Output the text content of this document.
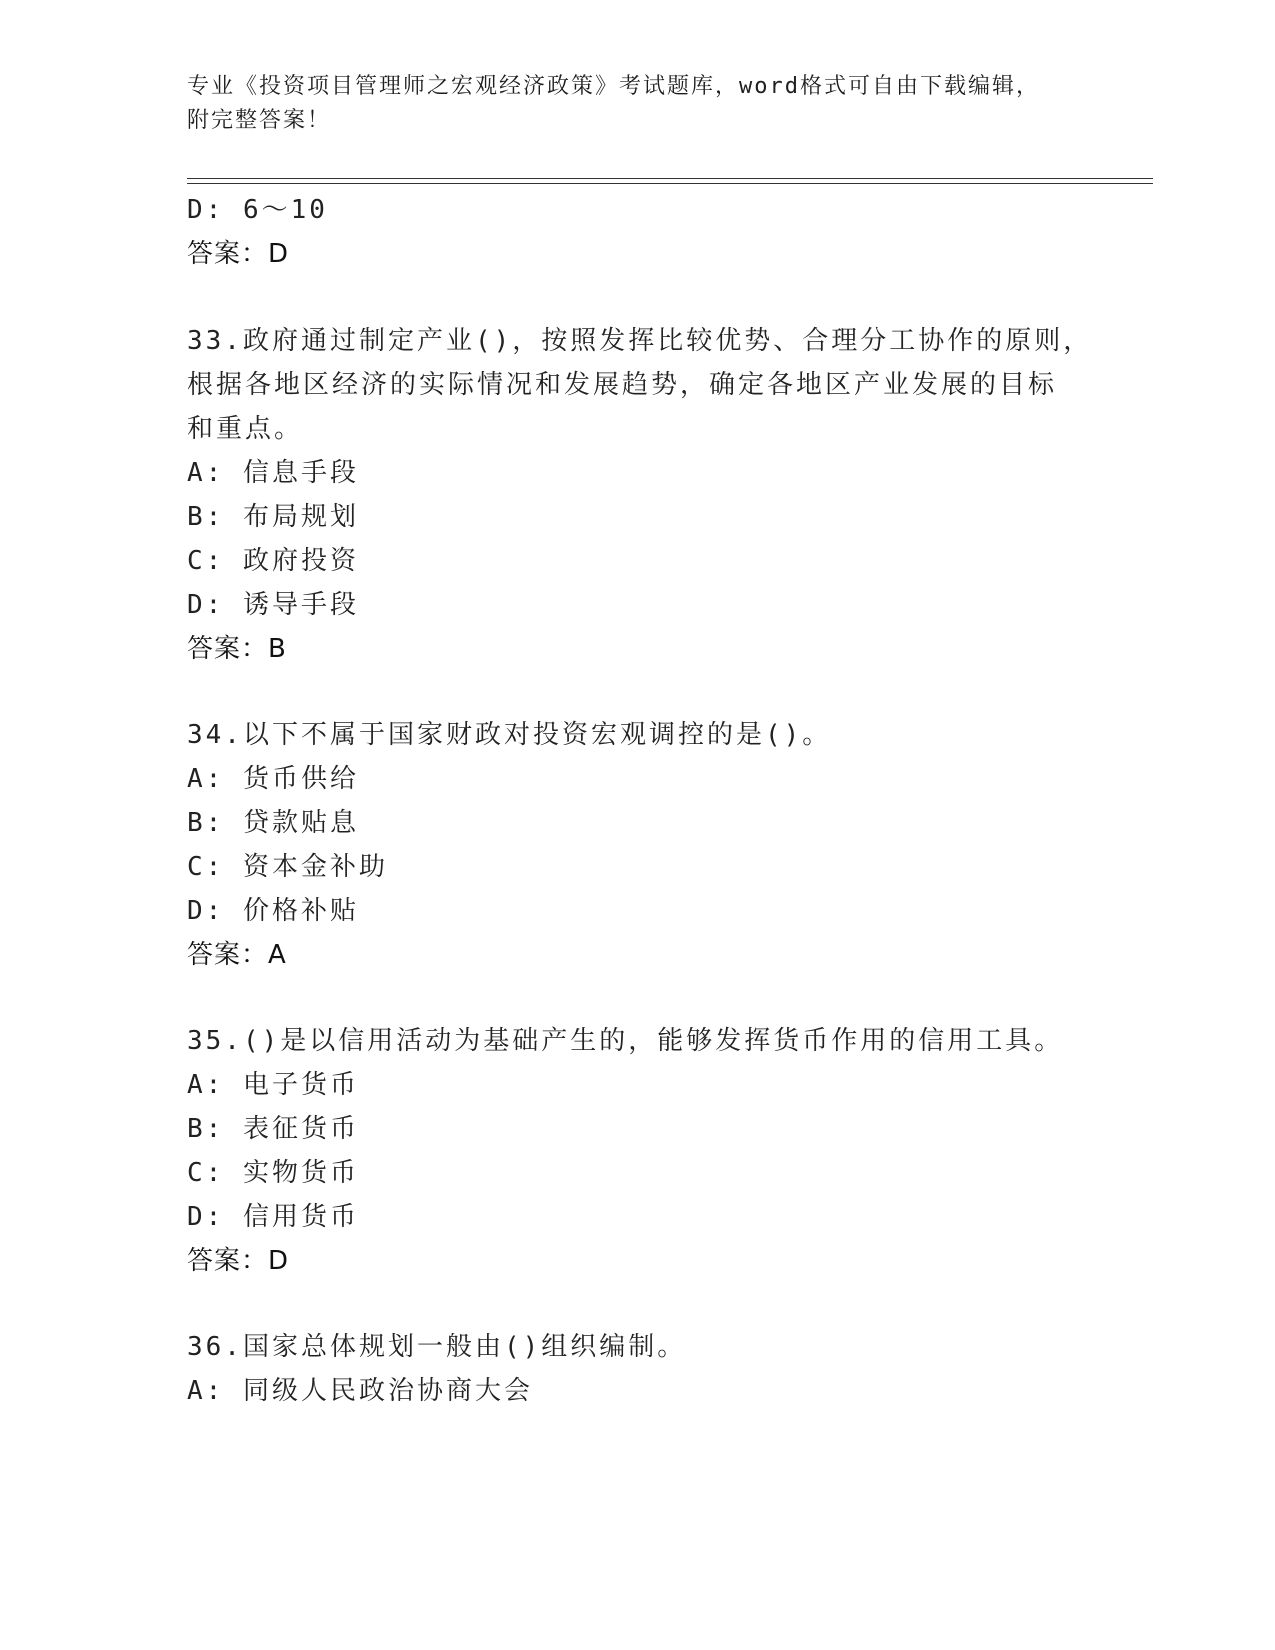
专业《投资项目管理师之宏观经济政策》考试题库，word格式可自由下载编辑，
附完整答案！
D: 6～10
答案：D
33.政府通过制定产业()，按照发挥比较优势、合理分工协作的原则，
根据各地区经济的实际情况和发展趋势，确定各地区产业发展的目标
和重点。
A: 信息手段
B: 布局规划
C: 政府投资
D: 诱导手段
答案：B
34.以下不属于国家财政对投资宏观调控的是()。
A: 货币供给
B: 贷款贴息
C: 资本金补助
D: 价格补贴
答案：A
35.()是以信用活动为基础产生的，能够发挥货币作用的信用工具。
A: 电子货币
B: 表征货币
C: 实物货币
D: 信用货币
答案：D
36.国家总体规划一般由()组织编制。
A: 同级人民政治协商大会
